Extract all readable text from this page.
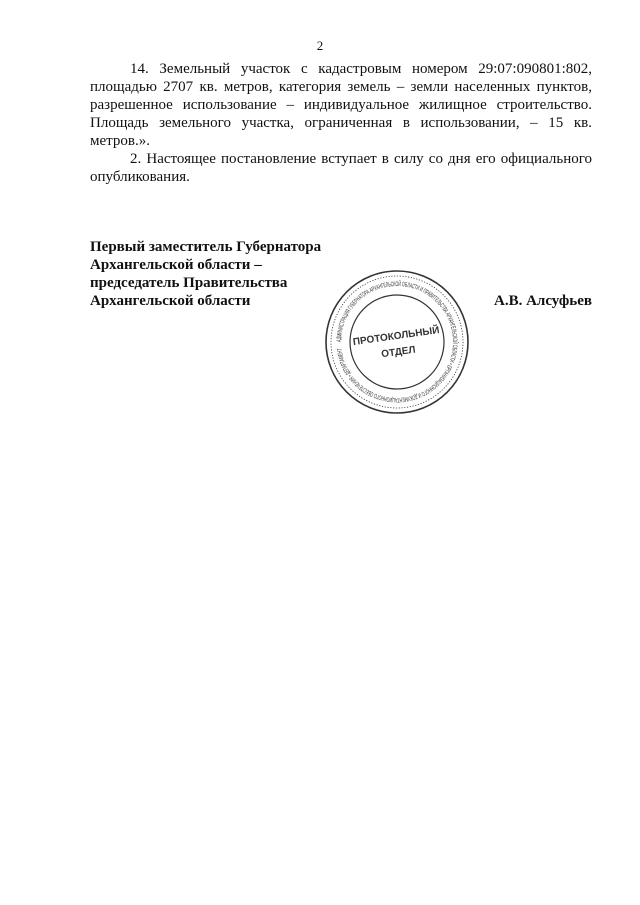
2

14. Земельный участок с кадастровым номером 29:07:090801:802, площадью 2707 кв. метров, категория земель – земли населенных пунктов, разрешенное использование – индивидуальное жилищное строительство. Площадь земельного участка, ограниченная в использовании, – 15 кв. метров.».

2. Настоящее постановление вступает в силу со дня его официального опубликования.

Первый заместитель Губернатора
Архангельской области –
председатель Правительства
Архангельской области	А.В. Алсуфьев
АДМИНИСТРАЦИЯ ГУБЕРНАТОРА АРХАНГЕЛЬСКОЙ ОБЛАСТИ И ПРАВИТЕЛЬСТВА АРХАНГЕЛЬСКОЙ ОБЛАСТИ • ОРГАНИЗАЦИОННОГО И ДОКУМЕНТАЦИОННОГО ОБЕСПЕЧЕНИЯ • ДЕПАРТАМЕНТ
ПРОТОКОЛЬНЫЙ
ОТДЕЛ
